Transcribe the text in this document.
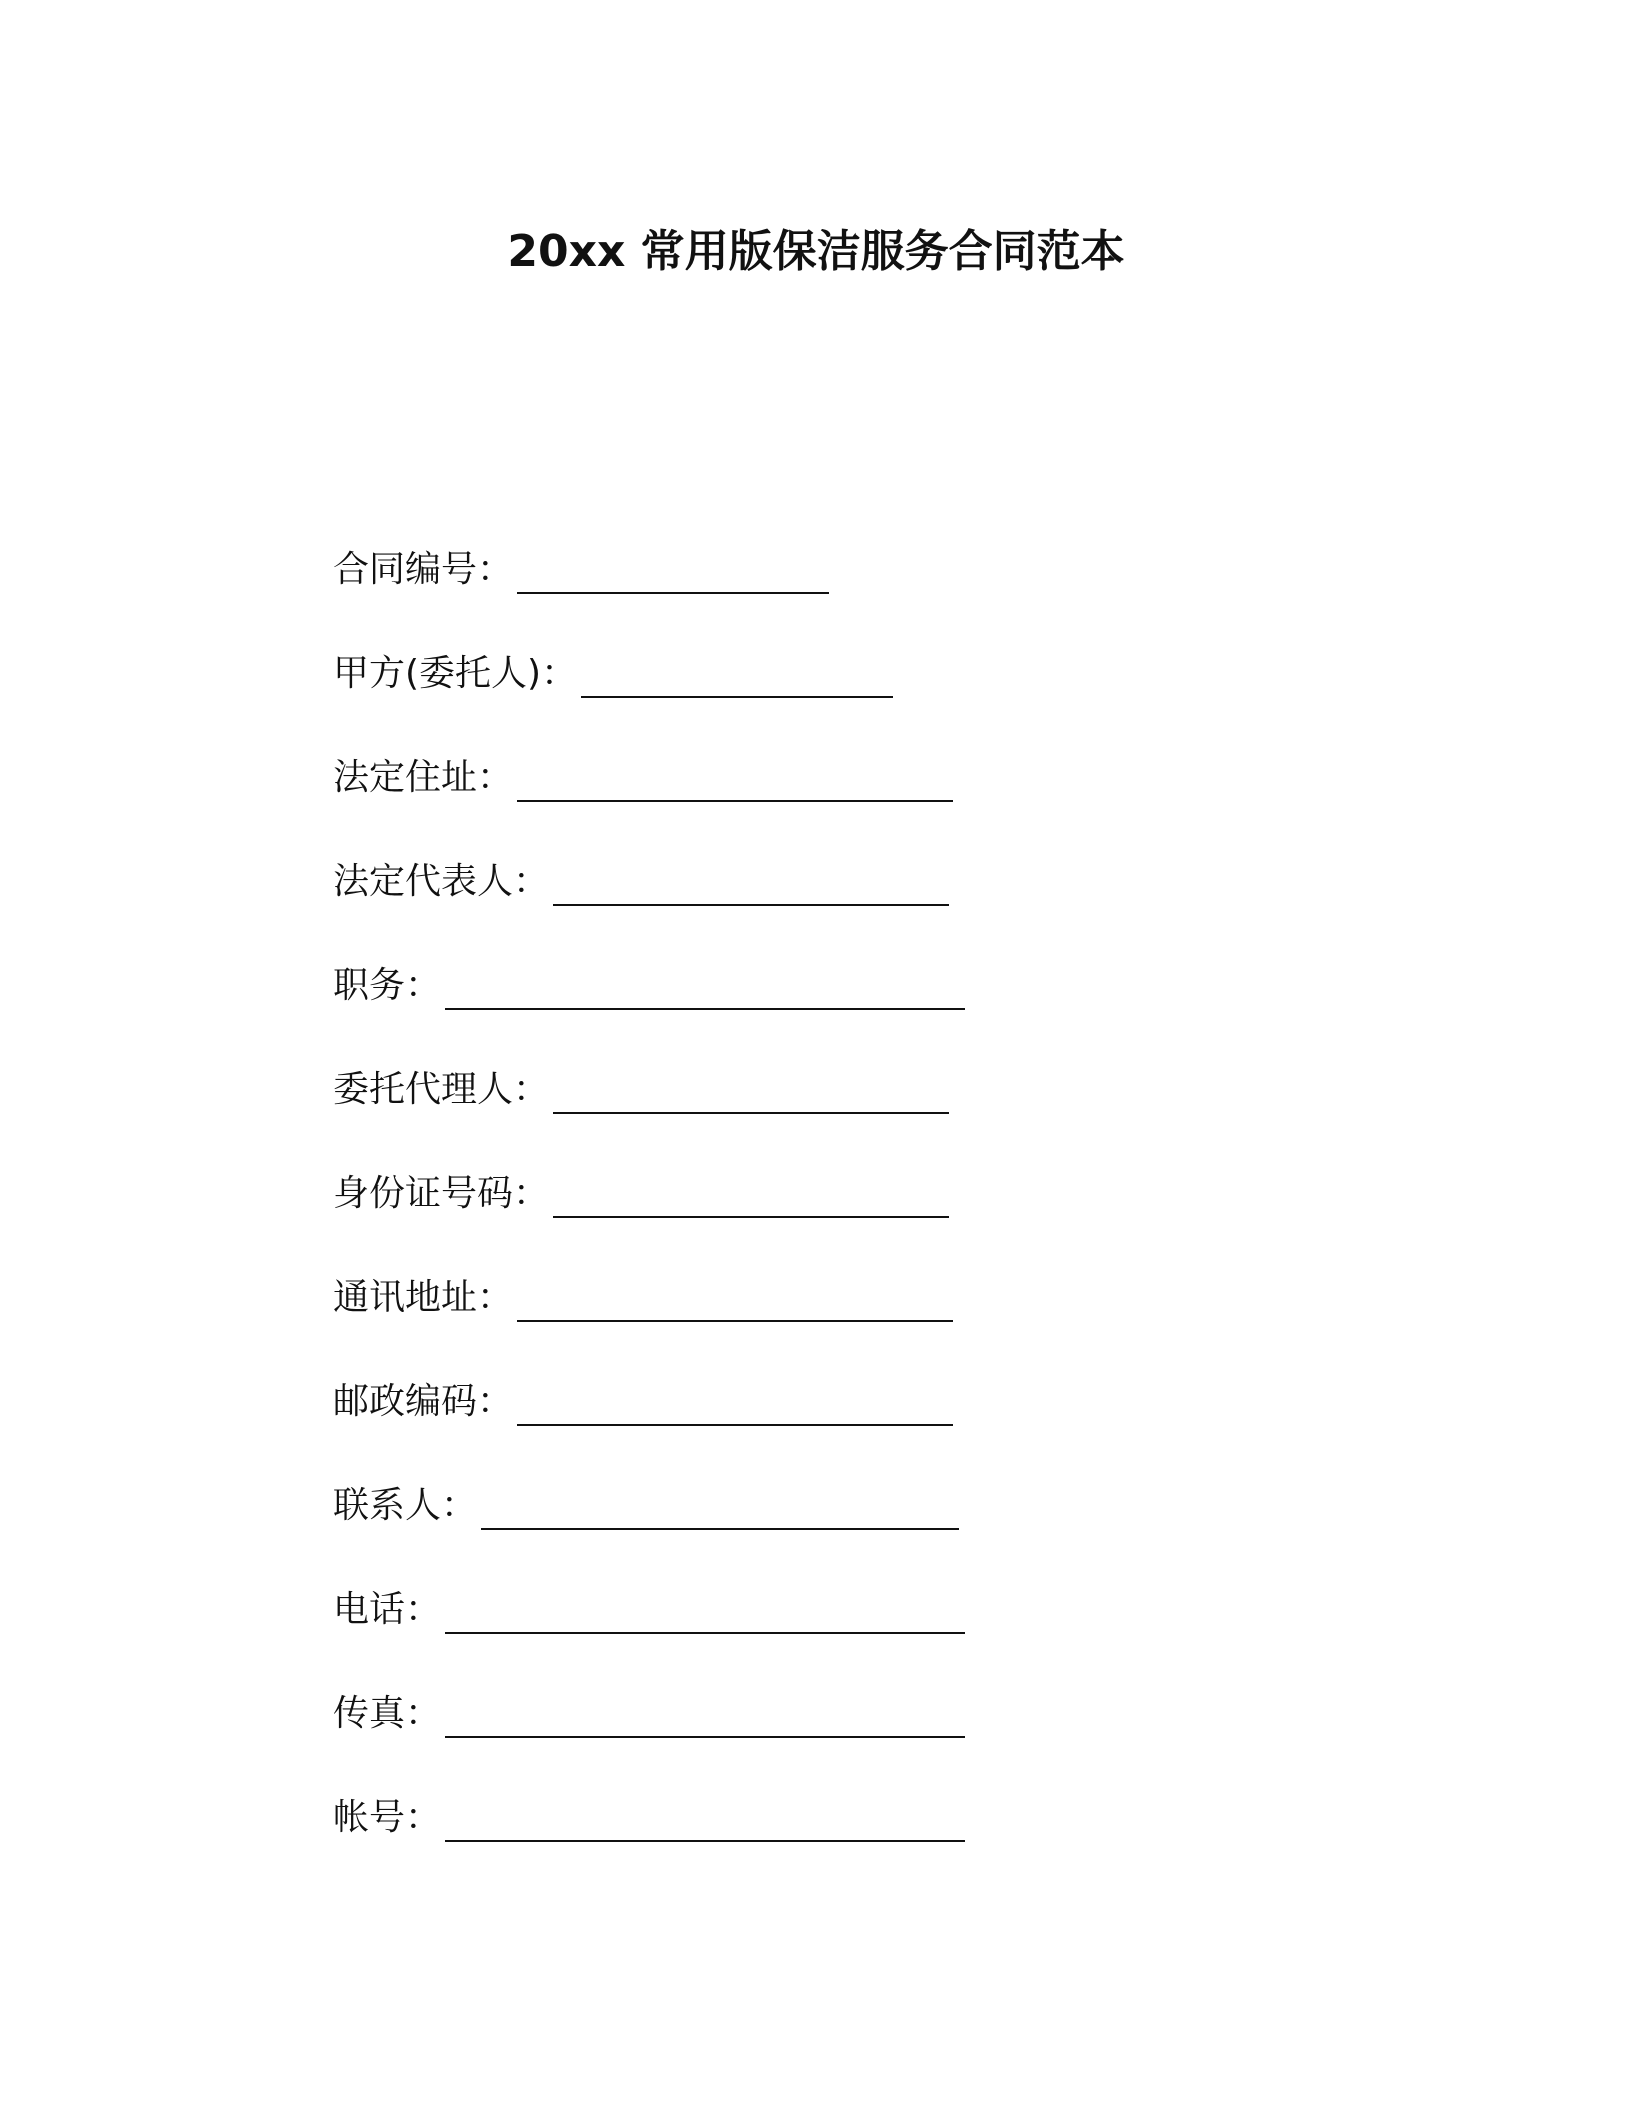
20xx 常用版保洁服务合同范本
合同编号：
甲方(委托人)：
法定住址：
法定代表人：
职务：
委托代理人：
身份证号码：
通讯地址：
邮政编码：
联系人：
电话：
传真：
帐号：
